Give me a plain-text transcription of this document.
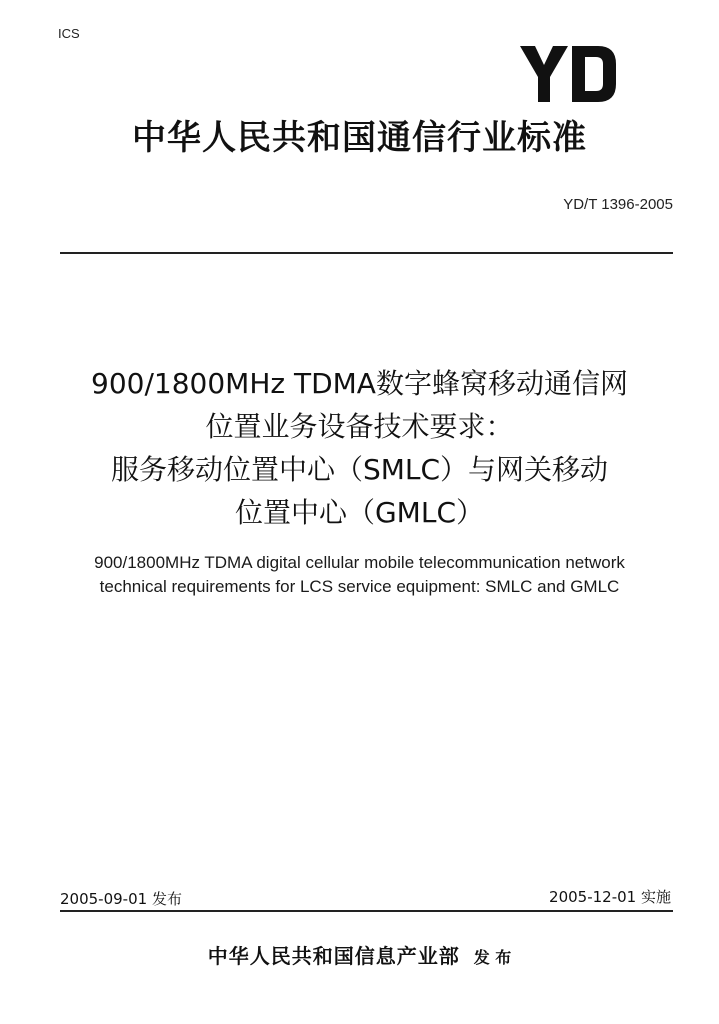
ICS
中华人民共和国通信行业标准
YD/T 1396-2005
900/1800MHz TDMA数字蜂窝移动通信网
位置业务设备技术要求：
服务移动位置中心（SMLC）与网关移动
位置中心（GMLC）
900/1800MHz TDMA digital cellular mobile telecommunication network
technical requirements for LCS service equipment: SMLC and GMLC
2005-09-01 发布	2005-12-01 实施
中华人民共和国信息产业部 发 布
